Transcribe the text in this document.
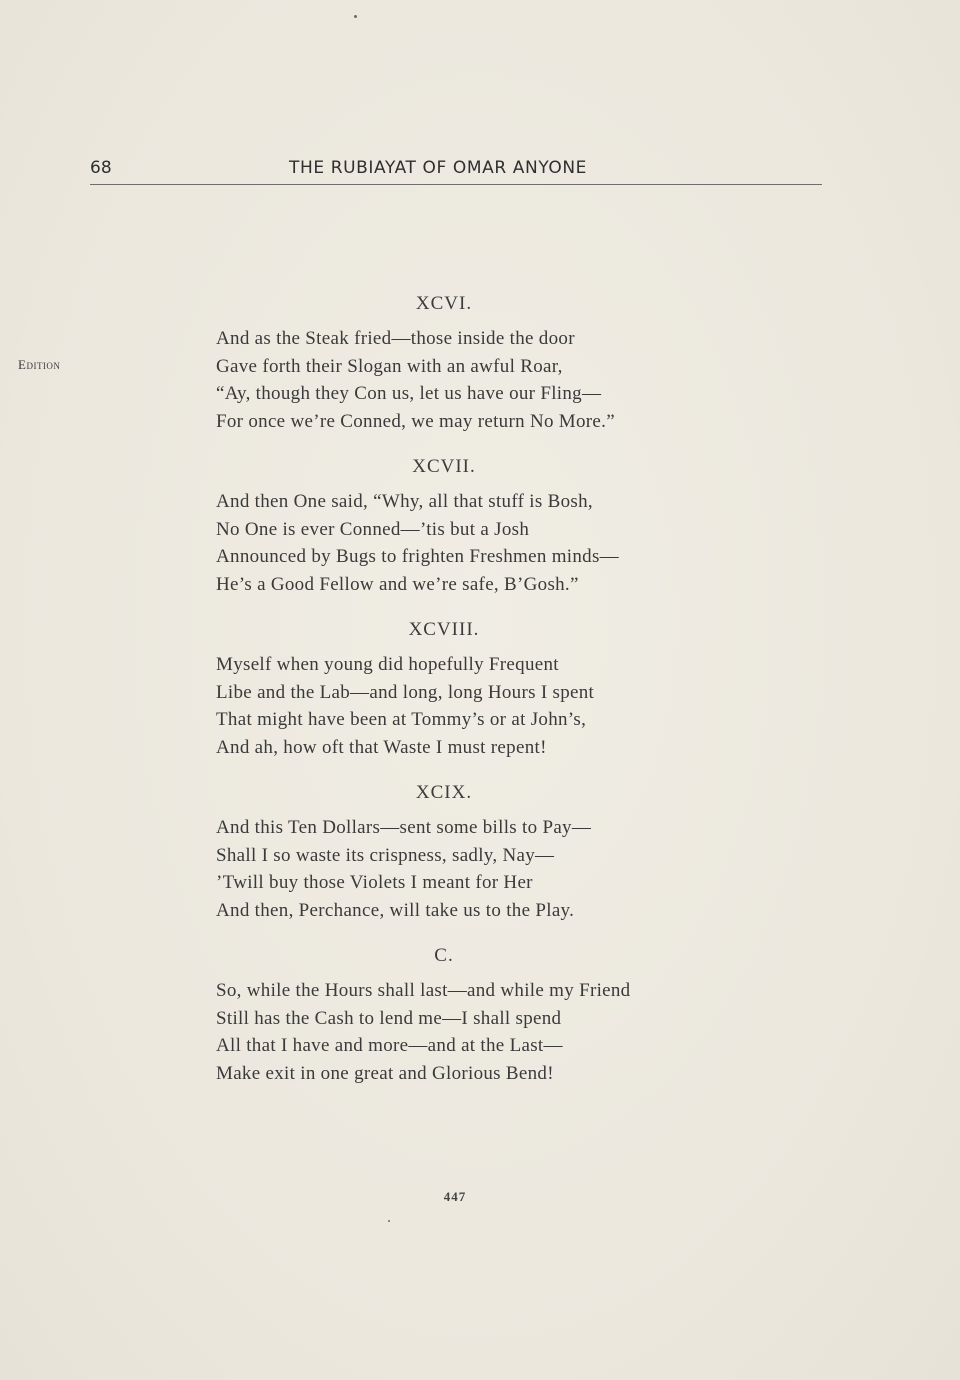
68	THE RUBIAYAT OF OMAR ANYONE
Edition
XCVI.
And as the Steak fried—those inside the door
Gave forth their Slogan with an awful Roar,
“Ay, though they Con us, let us have our Fling—
For once we’re Conned, we may return No More.”
XCVII.
And then One said, “Why, all that stuff is Bosh,
No One is ever Conned—’tis but a Josh
Announced by Bugs to frighten Freshmen minds—
He’s a Good Fellow and we’re safe, B’Gosh.”
XCVIII.
Myself when young did hopefully Frequent
Libe and the Lab—and long, long Hours I spent
That might have been at Tommy’s or at John’s,
And ah, how oft that Waste I must repent!
XCIX.
And this Ten Dollars—sent some bills to Pay—
Shall I so waste its crispness, sadly, Nay—
’Twill buy those Violets I meant for Her
And then, Perchance, will take us to the Play.
C.
So, while the Hours shall last—and while my Friend
Still has the Cash to lend me—I shall spend
All that I have and more—and at the Last—
Make exit in one great and Glorious Bend!
447
